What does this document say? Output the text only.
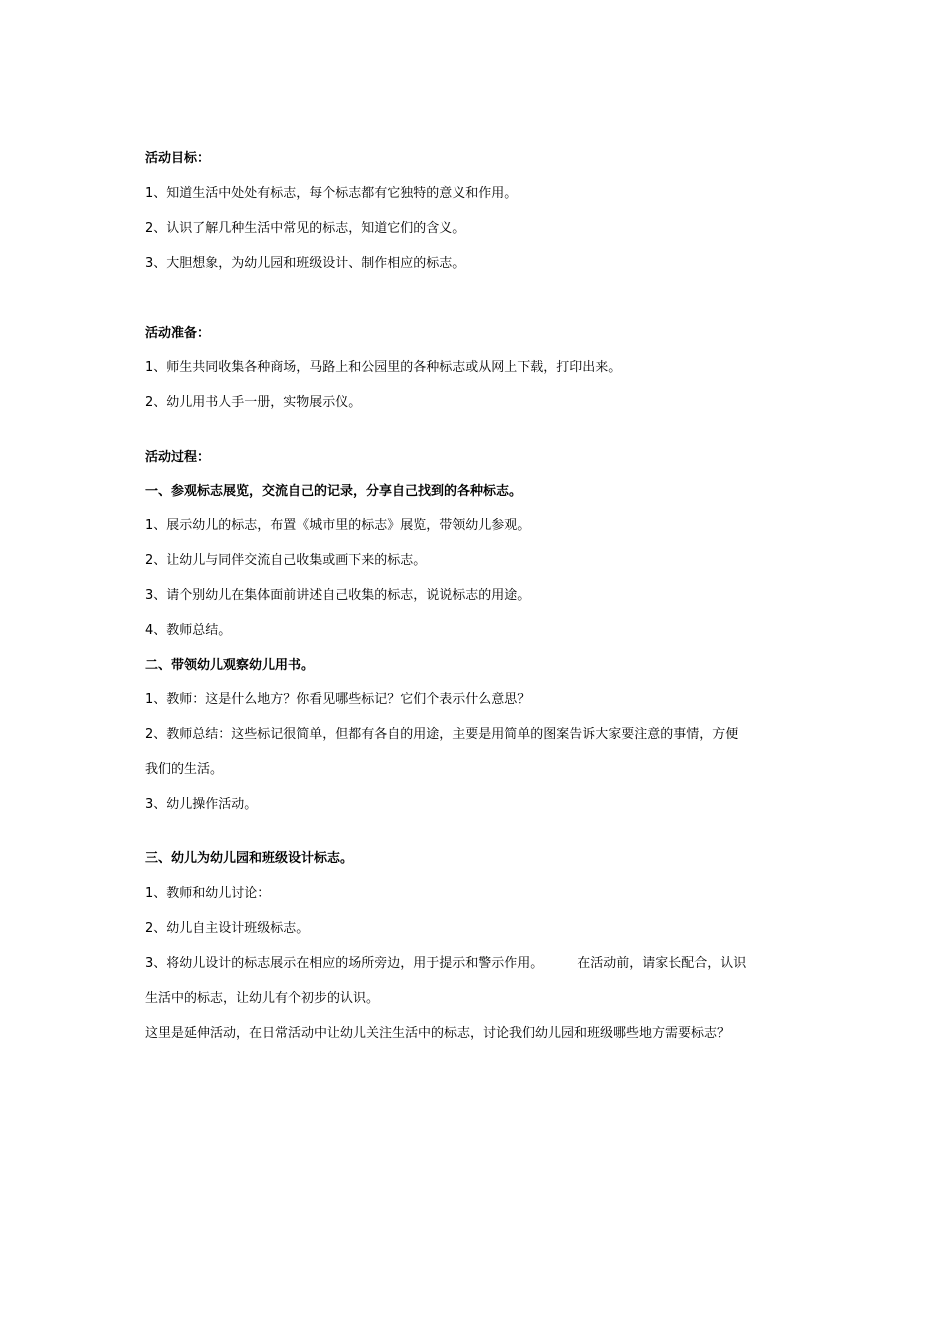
活动目标：
1、知道生活中处处有标志，每个标志都有它独特的意义和作用。
2、认识了解几种生活中常见的标志，知道它们的含义。
3、大胆想象，为幼儿园和班级设计、制作相应的标志。
活动准备：
1、师生共同收集各种商场，马路上和公园里的各种标志或从网上下载，打印出来。
2、幼儿用书人手一册，实物展示仪。
活动过程：
一、参观标志展览，交流自己的记录，分享自己找到的各种标志。
1、展示幼儿的标志，布置《城市里的标志》展览，带领幼儿参观。
2、让幼儿与同伴交流自己收集或画下来的标志。
3、请个别幼儿在集体面前讲述自己收集的标志，说说标志的用途。
4、教师总结。
二、带领幼儿观察幼儿用书。
1、教师：这是什么地方？你看见哪些标记？它们个表示什么意思？
2、教师总结：这些标记很简单，但都有各自的用途，主要是用简单的图案告诉大家要注意的事情，方便
我们的生活。
3、幼儿操作活动。
三、幼儿为幼儿园和班级设计标志。
1、教师和幼儿讨论：
2、幼儿自主设计班级标志。
3、将幼儿设计的标志展示在相应的场所旁边，用于提示和警示作用。	在活动前，请家长配合，认识
生活中的标志，让幼儿有个初步的认识。
这里是延伸活动，在日常活动中让幼儿关注生活中的标志，讨论我们幼儿园和班级哪些地方需要标志？
